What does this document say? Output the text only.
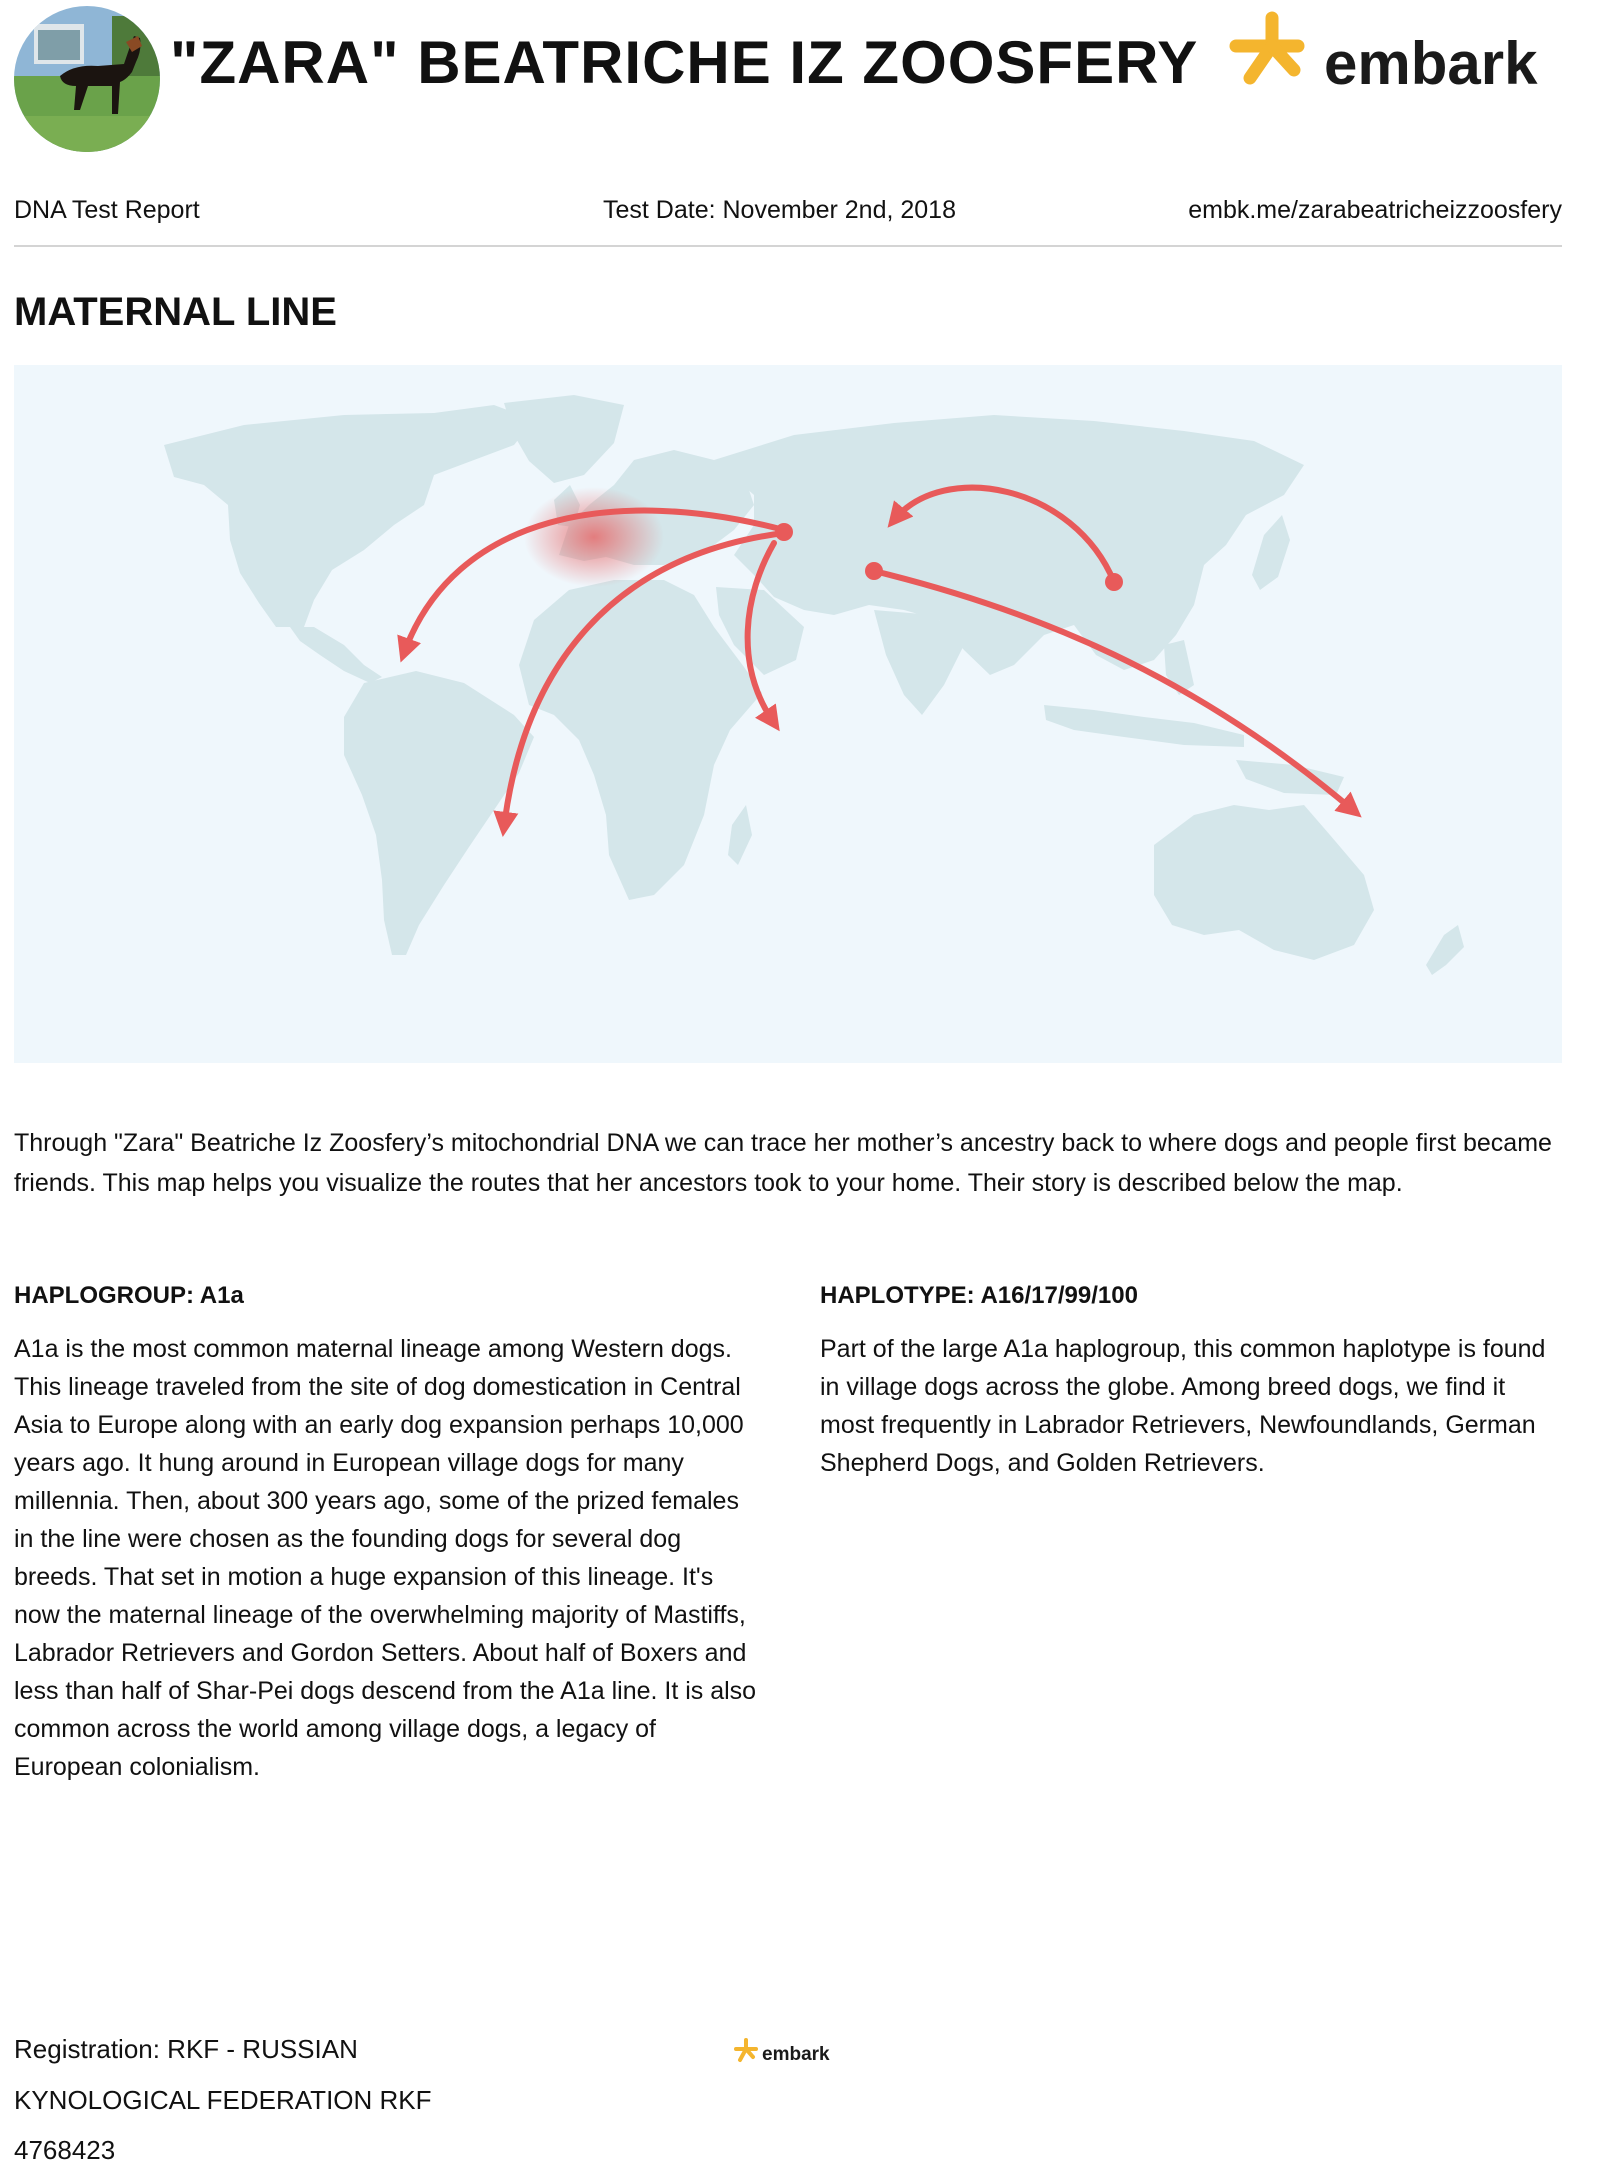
"ZARA" BEATRICHE IZ ZOOSFERY embark
DNA Test Report	Test Date: November 2nd, 2018	embk.me/zarabeatricheizzoosfery
MATERNAL LINE
Through "Zara" Beatriche Iz Zoosfery’s mitochondrial DNA we can trace her mother’s ancestry back to where dogs and people first became friends. This map helps you visualize the routes that her ancestors took to your home. Their story is described below the map.
HAPLOGROUP: A1a	HAPLOTYPE: A16/17/99/100
A1a is the most common maternal lineage among Western dogs. This lineage traveled from the site of dog domestication in Central Asia to Europe along with an early dog expansion perhaps 10,000 years ago. It hung around in European village dogs for many millennia. Then, about 300 years ago, some of the prized females in the line were chosen as the founding dogs for several dog breeds. That set in motion a huge expansion of this lineage. It's now the maternal lineage of the overwhelming majority of Mastiffs, Labrador Retrievers and Gordon Setters. About half of Boxers and less than half of Shar-Pei dogs descend from the A1a line. It is also common across the world among village dogs, a legacy of European colonialism.
Part of the large A1a haplogroup, this common haplotype is found in village dogs across the globe. Among breed dogs, we find it most frequently in Labrador Retrievers, Newfoundlands, German Shepherd Dogs, and Golden Retrievers.
Registration: RKF - RUSSIAN
KYNOLOGICAL FEDERATION RKF
4768423
embark
